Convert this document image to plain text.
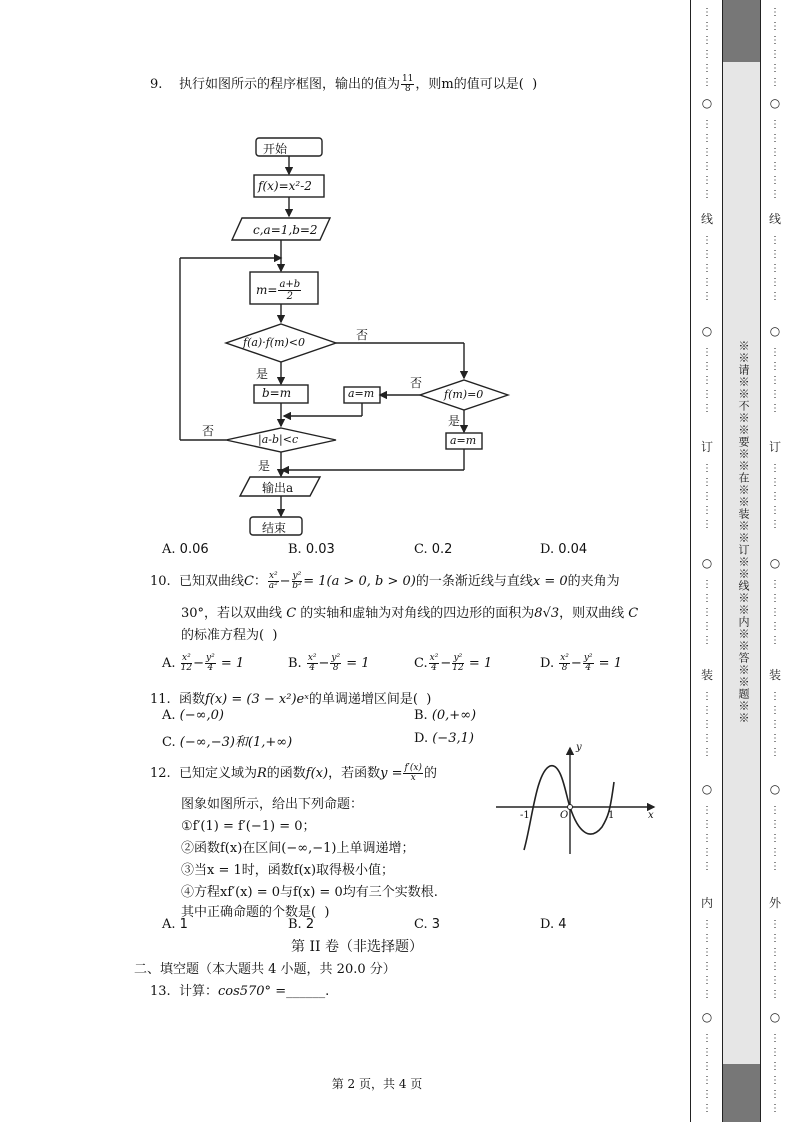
9. 执行如图所示的程序框图，输出的值为 $\frac{11}{8}$ ，则m的值可以是( )
开始
f(x)=x²-2
c,a=1,b=2
$m= \frac{a+b}{2}$
f(a)·f(m)<0
否
是
b=m	a=m
否
f(m)=0
是
a=m
否
|a-b|<c
是
输出a
结束
A. 0.06	B. 0.03	C. 0.2	D. 0.04
10. 已知双曲线C： $\frac{\text{x²}}{\text{a²}} - \frac{\text{y²}}{\text{b²}} = 1(a > 0$, b > 0)的一条渐近线与直线x = 0的夹角为
30°，若以双曲线 C 的实轴和虚轴为对角线的四边形的面积为8√3，则双曲线 C
的标准方程为( )
A. $\frac{\text{x²}}{12} - \frac{\text{y²}}{4} = 1$	B. $\frac{\text{x²}}{4} - \frac{\text{y²}}{8} = 1$	C. $\frac{\text{x²}}{4} - \frac{\text{y²}}{12} = 1$	D. $\frac{\text{x²}}{8} - \frac{\text{y²}}{4} = 1$
11. 函数f(x) = (3 − x²)eˣ的单调递增区间是( )
A. (−∞,0)	B. (0,+∞)
C. (−∞,−3)和(1,+∞)	D. (−3,1)
12. 已知定义域为R的函数f(x)，若函数$y = \frac{f'(x)}{x}$ 的
图象如图所示，给出下列命题：
①f′(1) = f′(−1) = 0；
②函数f(x)在区间(−∞,−1)上单调递增；
③当x = 1时，函数f(x)取得极小值；
④方程xf′(x) = 0与f(x) = 0均有三个实数根.
其中正确命题的个数是( )
y
x
-1	O	1
A. 1	B. 2	C. 3	D. 4
第 II 卷（非选择题）
二、填空题（本大题共 4 小题，共 20.0 分）
13. 计算：cos570° =______.
第 2 页，共 4 页
※※请※※不※※要※※在※※装※※订※※线※※内※※答※※题※※
⋮
⋮
⋮
⋮
⋮
⋮
○
⋮
⋮
⋮
⋮
⋮
⋮
线
⋮
⋮
⋮
⋮
⋮
○
⋮
⋮
⋮
⋮
⋮
订
⋮
⋮
⋮
⋮
⋮
○
⋮
⋮
⋮
⋮
⋮
装
⋮
⋮
⋮
⋮
⋮
○
⋮
⋮
⋮
⋮
⋮
内
⋮
⋮
⋮
⋮
⋮
⋮
○
⋮
⋮
⋮
⋮
⋮
⋮
⋮
⋮
⋮
⋮
⋮
⋮
○
⋮
⋮
⋮
⋮
⋮
⋮
线
⋮
⋮
⋮
⋮
⋮
○
⋮
⋮
⋮
⋮
⋮
订
⋮
⋮
⋮
⋮
⋮
○
⋮
⋮
⋮
⋮
⋮
装
⋮
⋮
⋮
⋮
⋮
○
⋮
⋮
⋮
⋮
⋮
外
⋮
⋮
⋮
⋮
⋮
⋮
○
⋮
⋮
⋮
⋮
⋮
⋮
